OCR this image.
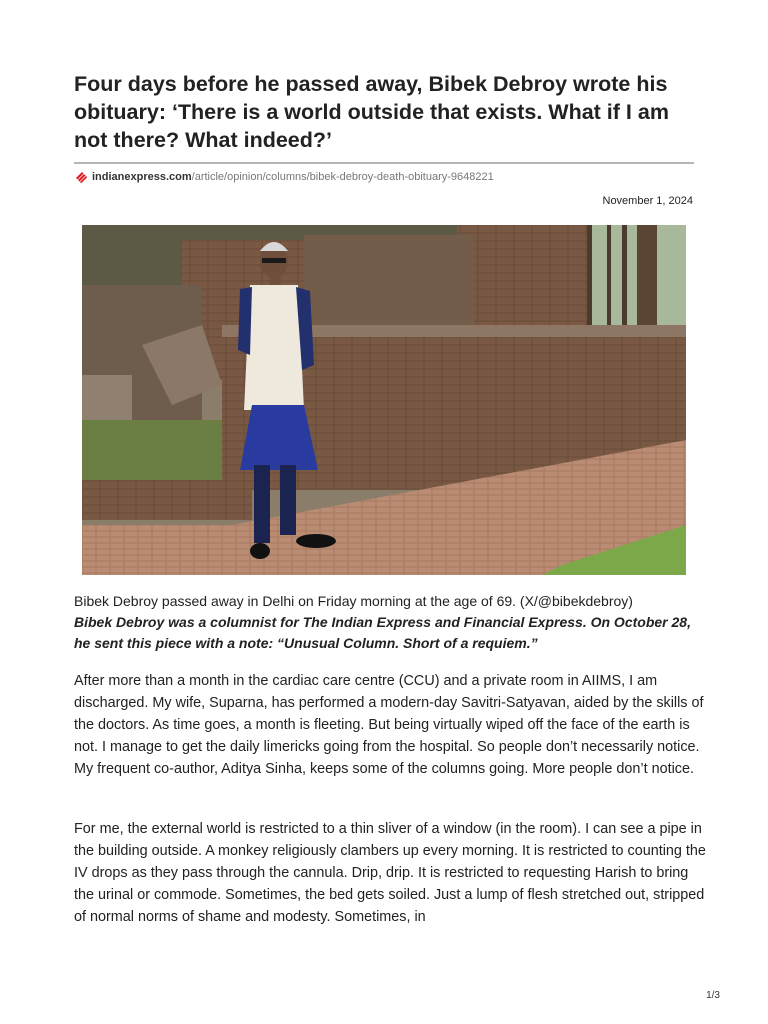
Four days before he passed away, Bibek Debroy wrote his obituary: ‘There is a world outside that exists. What if I am not there? What indeed?’
indianexpress.com /article/opinion/columns/bibek-debroy-death-obituary-9648221
November 1, 2024

Bibek Debroy passed away in Delhi on Friday morning at the age of 69. (X/@bibekdebroy)

Bibek Debroy was a columnist for The Indian Express and Financial Express. On October 28, he sent this piece with a note: “Unusual Column. Short of a requiem.”

After more than a month in the cardiac care centre (CCU) and a private room in AIIMS, I am discharged. My wife, Suparna, has performed a modern-day Savitri-Satyavan, aided by the skills of the doctors. As time goes, a month is fleeting. But being virtually wiped off the face of the earth is not. I manage to get the daily limericks going from the hospital. So people don’t necessarily notice. My frequent co-author, Aditya Sinha, keeps some of the columns going. More people don’t notice.

For me, the external world is restricted to a thin sliver of a window (in the room). I can see a pipe in the building outside. A monkey religiously clambers up every morning. It is restricted to counting the IV drops as they pass through the cannula. Drip, drip. It is restricted to requesting Harish to bring the urinal or commode. Sometimes, the bed gets soiled. Just a lump of flesh stretched out, stripped of normal norms of shame and modesty. Sometimes, in

1/3
